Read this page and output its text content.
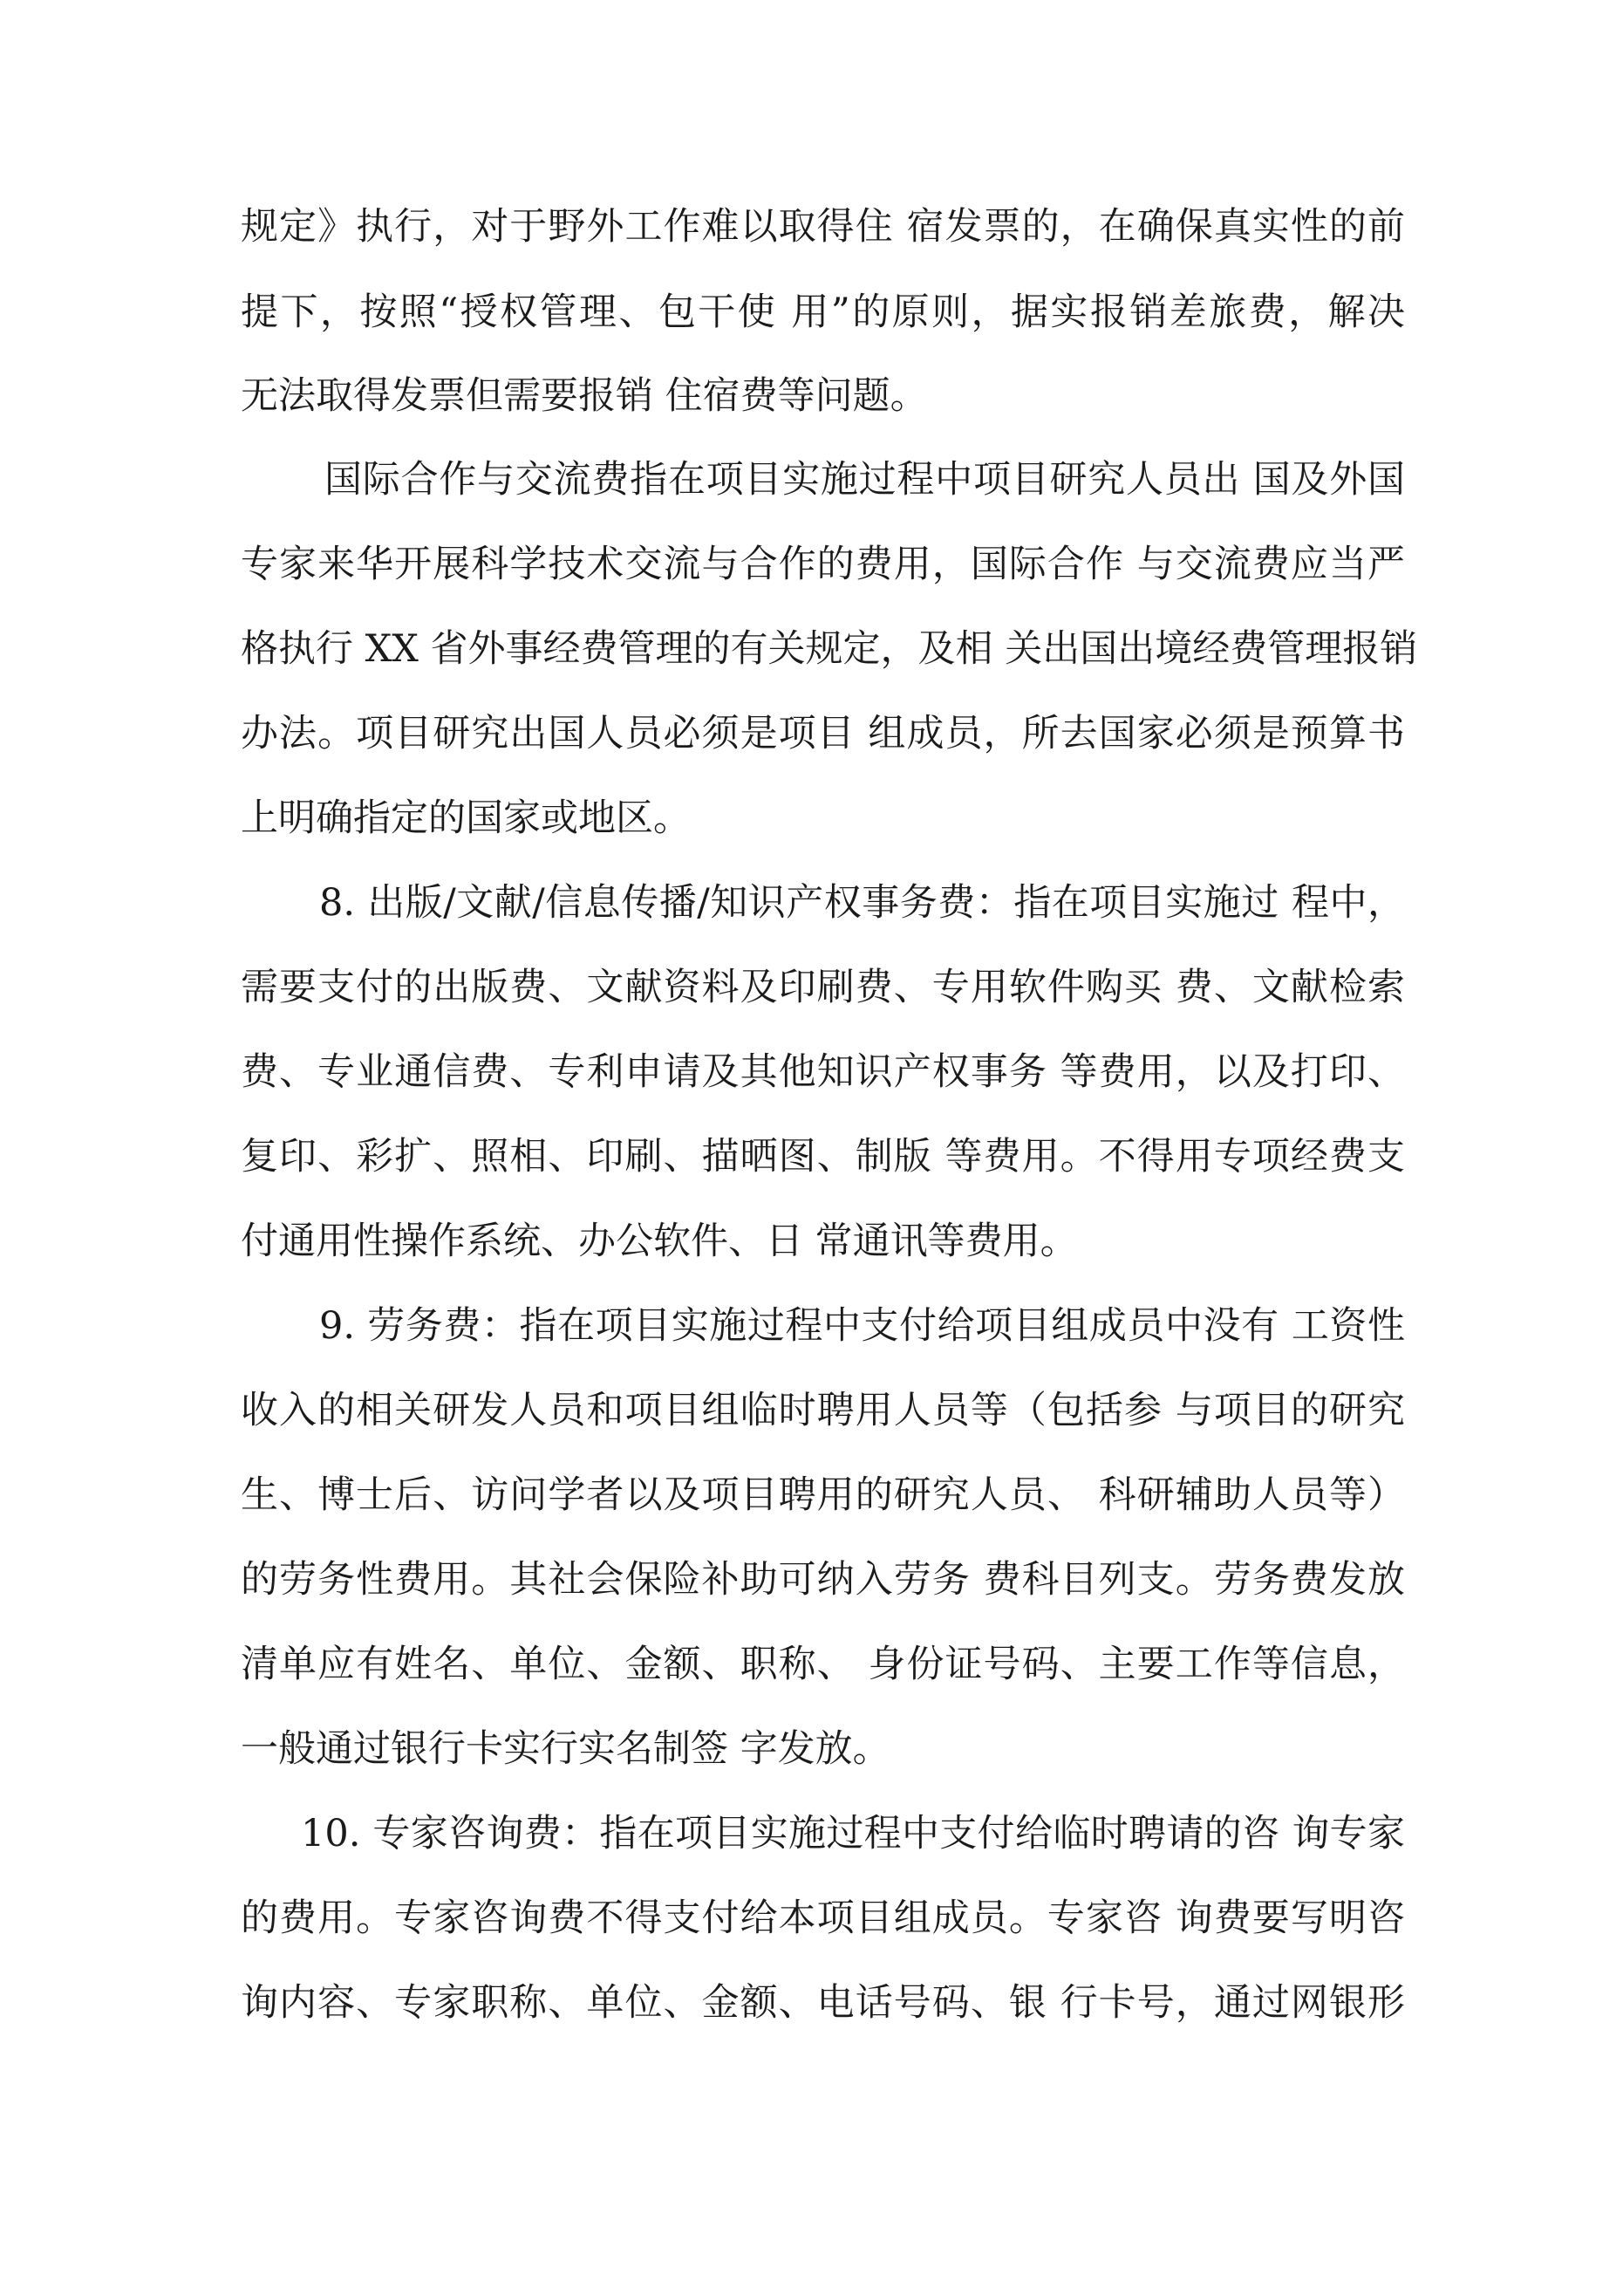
规定》执行，对于野外工作难以取得住 宿发票的，在确保真实性的前
提下，按照“授权管理、包干使 用”的原则，据实报销差旅费，解决
无法取得发票但需要报销 住宿费等问题。
国际合作与交流费指在项目实施过程中项目研究人员出 国及外国
专家来华开展科学技术交流与合作的费用，国际合作 与交流费应当严
格执行 XX 省外事经费管理的有关规定，及相 关出国出境经费管理报销
办法。项目研究出国人员必须是项目 组成员，所去国家必须是预算书
上明确指定的国家或地区。
8. 出版/文献/信息传播/知识产权事务费：指在项目实施过 程中，
需要支付的出版费、文献资料及印刷费、专用软件购买 费、文献检索
费、专业通信费、专利申请及其他知识产权事务 等费用，以及打印、
复印、彩扩、照相、印刷、描晒图、制版 等费用。不得用专项经费支
付通用性操作系统、办公软件、日 常通讯等费用。
9. 劳务费：指在项目实施过程中支付给项目组成员中没有 工资性
收入的相关研发人员和项目组临时聘用人员等（包括参 与项目的研究
生、博士后、访问学者以及项目聘用的研究人员、 科研辅助人员等）
的劳务性费用。其社会保险补助可纳入劳务 费科目列支。劳务费发放
清单应有姓名、单位、金额、职称、 身份证号码、主要工作等信息，
一般通过银行卡实行实名制签 字发放。
10. 专家咨询费：指在项目实施过程中支付给临时聘请的咨 询专家
的费用。专家咨询费不得支付给本项目组成员。专家咨 询费要写明咨
询内容、专家职称、单位、金额、电话号码、银 行卡号，通过网银形
